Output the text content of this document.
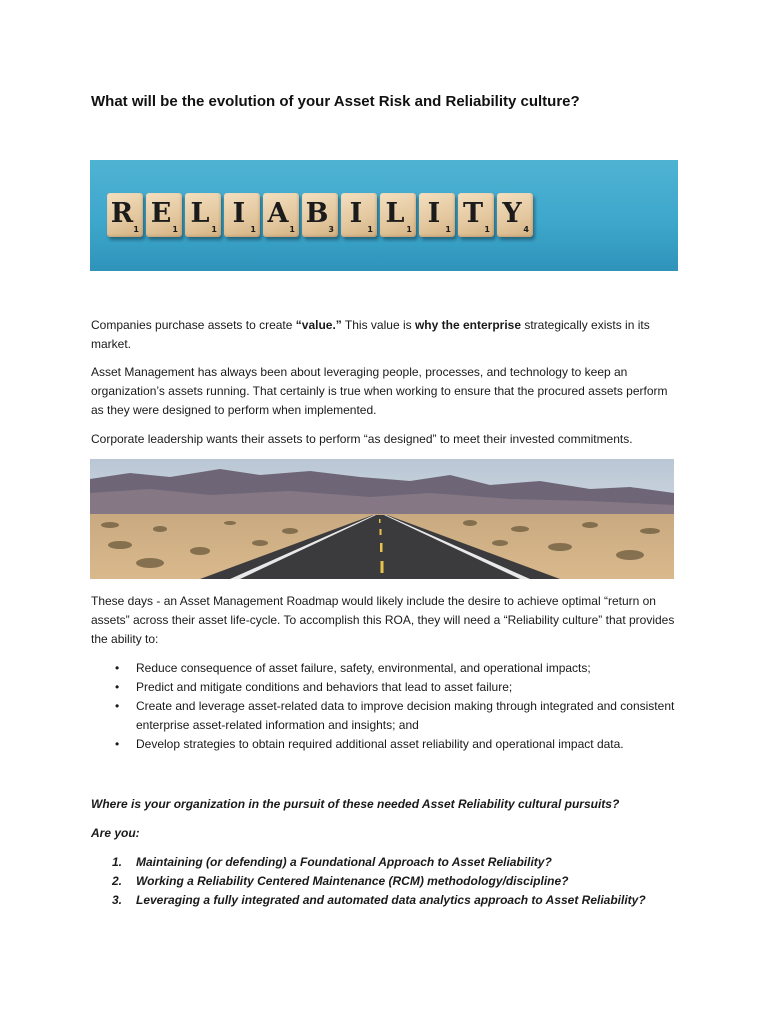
What will be the evolution of your Asset Risk and Reliability culture?
R
1
E
1
L
1
I
1
A
1
B
3
I
1
L
1
I
1
T
1
Y
4

Companies purchase assets to create “value.” This value is why the enterprise strategically exists in its market.

Asset Management has always been about leveraging people, processes, and technology to keep an organization’s assets running. That certainly is true when working to ensure that the procured assets perform as they were designed to perform when implemented.

Corporate leadership wants their assets to perform “as designed” to meet their invested commitments.

These days - an Asset Management Roadmap would likely include the desire to achieve optimal “return on assets” across their asset life-cycle. To accomplish this ROA, they will need a “Reliability culture” that provides the ability to:

• Reduce consequence of asset failure, safety, environmental, and operational impacts;
• Predict and mitigate conditions and behaviors that lead to asset failure;
• Create and leverage asset-related data to improve decision making through integrated and consistent enterprise asset-related information and insights; and
• Develop strategies to obtain required additional asset reliability and operational impact data.

Where is your organization in the pursuit of these needed Asset Reliability cultural pursuits?

Are you:

1. Maintaining (or defending) a Foundational Approach to Asset Reliability?
2. Working a Reliability Centered Maintenance (RCM) methodology/discipline?
3. Leveraging a fully integrated and automated data analytics approach to Asset Reliability?
